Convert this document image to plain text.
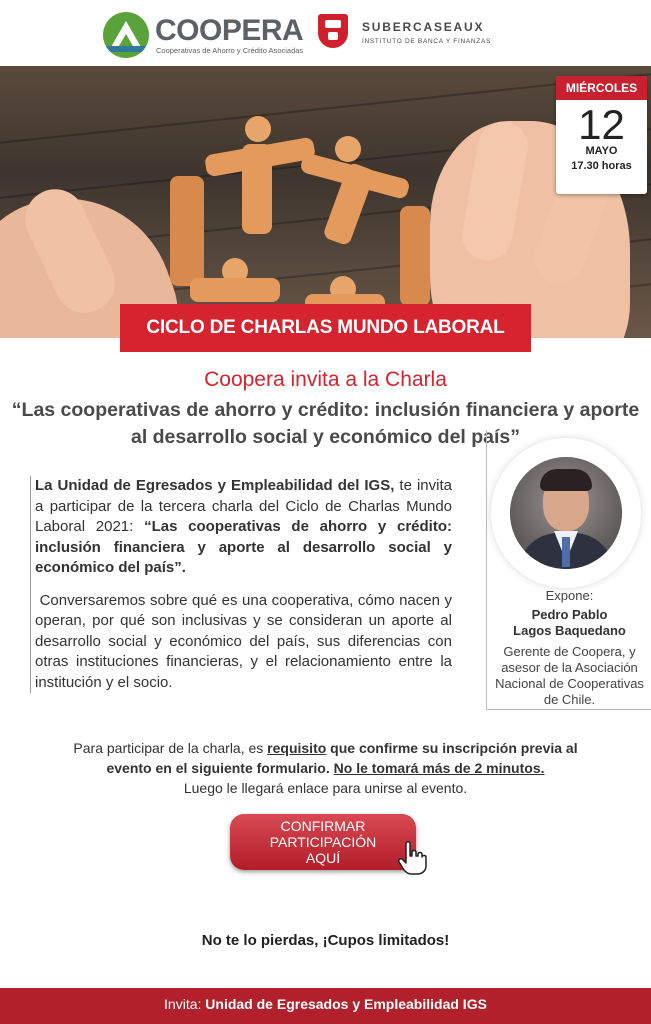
COOPERA
Cooperativas de Ahorro y Crédito Asociadas
SUBERCASEAUX
INSTITUTO DE BANCA Y FINANZAS
MIÉRCOLES
12
MAYO
17.30 horas
CICLO DE CHARLAS MUNDO LABORAL
Coopera invita a la Charla
“Las cooperativas de ahorro y crédito: inclusión financiera y aporte al desarrollo social y económico del país”

La Unidad de Egresados y Empleabilidad del IGS, te invita a participar de la tercera charla del Ciclo de Charlas Mundo Laboral 2021: “Las cooperativas de ahorro y crédito: inclusión financiera y aporte al desarrollo social y económico del país”.

Conversaremos sobre qué es una cooperativa, cómo nacen y operan, por qué son inclusivas y se consideran un aporte al desarrollo social y económico del país, sus diferencias con otras instituciones financieras, y el relacionamiento entre la institución y el socio.

Expone:
Pedro Pablo
Lagos Baquedano
Gerente de Coopera, y asesor de la Asociación Nacional de Cooperativas de Chile.
Para participar de la charla, es requisito que confirme su inscripción previa al
evento en el siguiente formulario. No le tomará más de 2 minutos.
Luego le llegará enlace para unirse al evento.
CONFIRMAR
PARTICIPACIÓN
AQUÍ
No te lo pierdas, ¡Cupos limitados!
Invita: Unidad de Egresados y Empleabilidad IGS
